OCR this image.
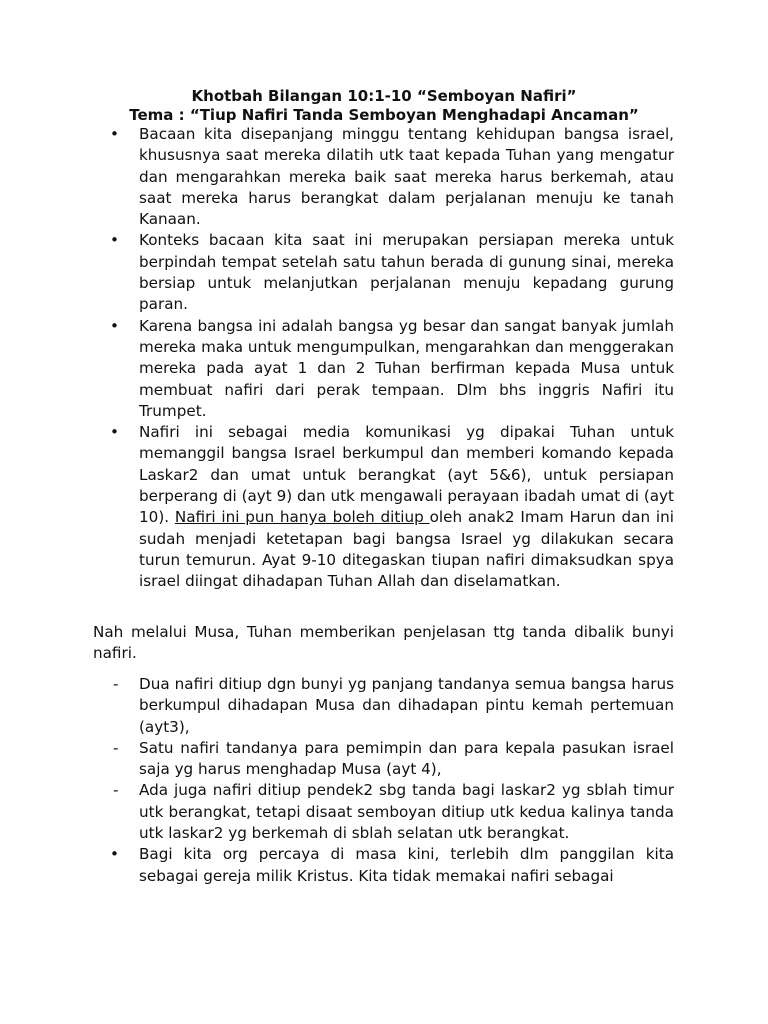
Khotbah Bilangan 10:1-10 “Semboyan Nafiri”
Tema : “Tiup Nafiri Tanda Semboyan Menghadapi Ancaman”
• Bacaan kita disepanjang minggu tentang kehidupan bangsa israel, khususnya saat mereka dilatih utk taat kepada Tuhan yang mengatur dan mengarahkan mereka baik saat mereka harus berkemah, atau saat mereka harus berangkat dalam perjalanan menuju ke tanah Kanaan.
• Konteks bacaan kita saat ini merupakan persiapan mereka untuk berpindah tempat setelah satu tahun berada di gunung sinai, mereka bersiap untuk melanjutkan perjalanan menuju kepadang gurung paran.
• Karena bangsa ini adalah bangsa yg besar dan sangat banyak jumlah mereka maka untuk mengumpulkan, mengarahkan dan menggerakan mereka pada ayat 1 dan 2 Tuhan berfirman kepada Musa untuk membuat nafiri dari perak tempaan. Dlm bhs inggris Nafiri itu Trumpet.
• Nafiri ini sebagai media komunikasi yg dipakai Tuhan untuk memanggil bangsa Israel berkumpul dan memberi komando kepada Laskar2 dan umat untuk berangkat (ayt 5&6), untuk persiapan berperang di (ayt 9) dan utk mengawali perayaan ibadah umat di (ayt 10). Nafiri ini pun hanya boleh ditiup oleh anak2 Imam Harun dan ini sudah menjadi ketetapan bagi bangsa Israel yg dilakukan secara turun temurun. Ayat 9-10 ditegaskan tiupan nafiri dimaksudkan spya israel diingat dihadapan Tuhan Allah dan diselamatkan.

Nah melalui Musa, Tuhan memberikan penjelasan ttg tanda dibalik bunyi nafiri.

- Dua nafiri ditiup dgn bunyi yg panjang tandanya semua bangsa harus berkumpul dihadapan Musa dan dihadapan pintu kemah pertemuan (ayt3),
- Satu nafiri tandanya para pemimpin dan para kepala pasukan israel saja yg harus menghadap Musa (ayt 4),
- Ada juga nafiri ditiup pendek2 sbg tanda bagi laskar2 yg sblah timur utk berangkat, tetapi disaat semboyan ditiup utk kedua kalinya tanda utk laskar2 yg berkemah di sblah selatan utk berangkat.
• Bagi kita org percaya di masa kini, terlebih dlm panggilan kita sebagai gereja milik Kristus. Kita tidak memakai nafiri sebagai
